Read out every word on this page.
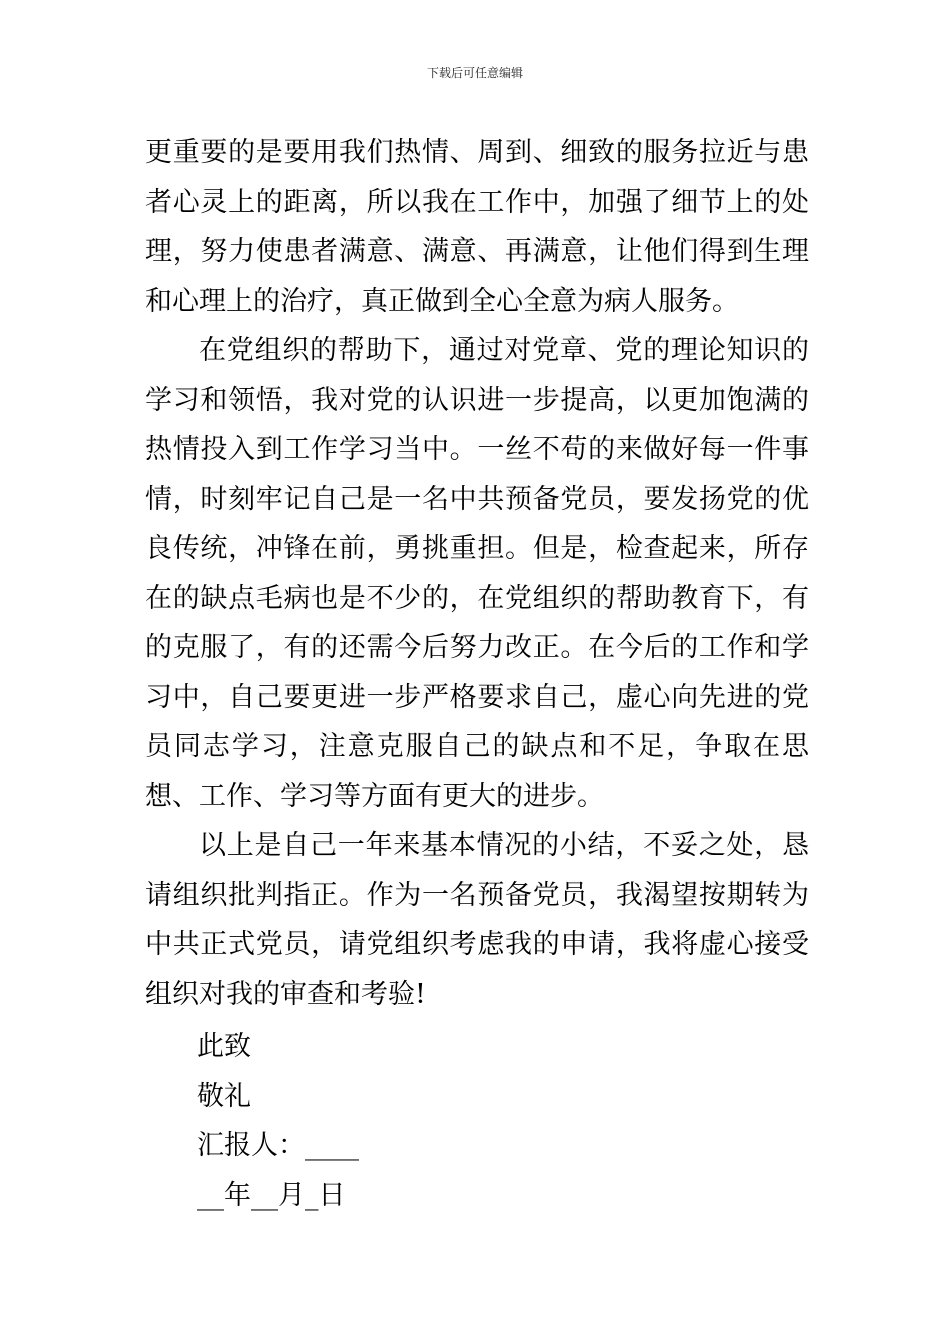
下载后可任意编辑

更重要的是要用我们热情、周到、细致的服务拉近与患者心灵上的距离，所以我在工作中，加强了细节上的处理，努力使患者满意、满意、再满意，让他们得到生理和心理上的治疗，真正做到全心全意为病人服务。

在党组织的帮助下，通过对党章、党的理论知识的学习和领悟，我对党的认识进一步提高，以更加饱满的热情投入到工作学习当中。一丝不苟的来做好每一件事情，时刻牢记自己是一名中共预备党员，要发扬党的优良传统，冲锋在前，勇挑重担。但是，检查起来，所存在的缺点毛病也是不少的，在党组织的帮助教育下，有的克服了，有的还需今后努力改正。在今后的工作和学习中，自己要更进一步严格要求自己，虚心向先进的党员同志学习，注意克服自己的缺点和不足，争取在思想、工作、学习等方面有更大的进步。

以上是自己一年来基本情况的小结，不妥之处，恳请组织批判指正。作为一名预备党员，我渴望按期转为中共正式党员，请党组织考虑我的申请，我将虚心接受组织对我的审查和考验!

此致
敬礼
汇报人：____
__年__月_日
